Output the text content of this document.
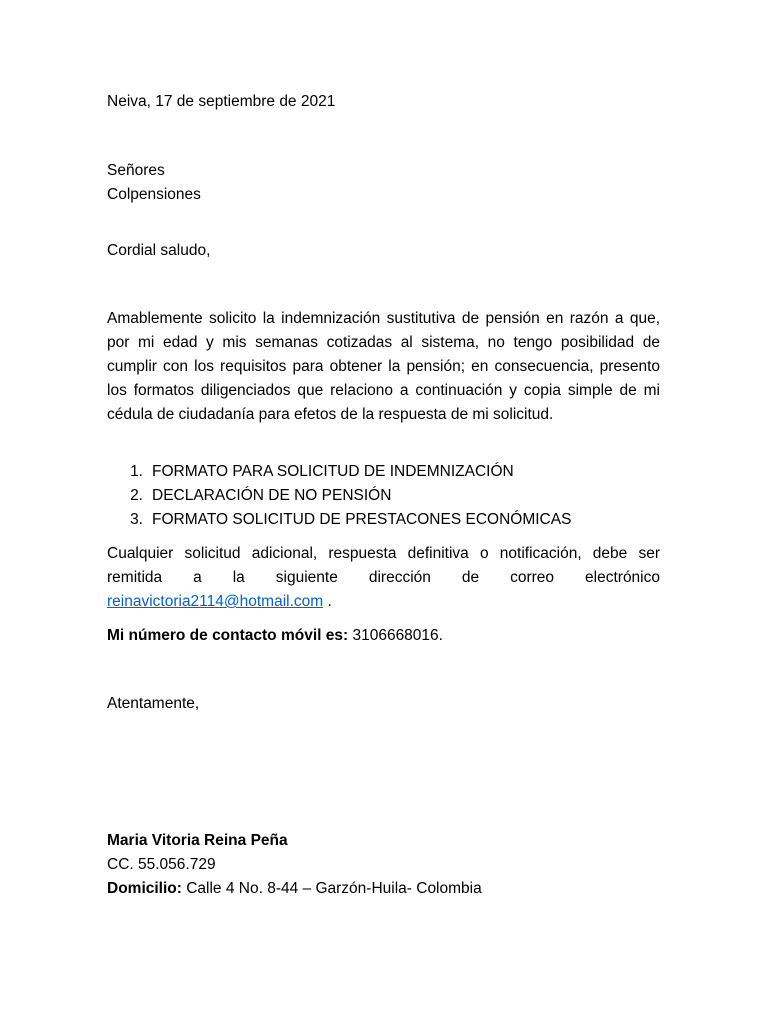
Neiva, 17 de septiembre de 2021

Señores
Colpensiones

Cordial saludo,

Amablemente solicito la indemnización sustitutiva de pensión en razón a que, por mi edad y mis semanas cotizadas al sistema, no tengo posibilidad de cumplir con los requisitos para obtener la pensión; en consecuencia, presento los formatos diligenciados que relaciono a continuación y copia simple de mi cédula de ciudadanía para efetos de la respuesta de mi solicitud.

1. FORMATO PARA SOLICITUD DE INDEMNIZACIÓN
2. DECLARACIÓN DE NO PENSIÓN
3. FORMATO SOLICITUD DE PRESTACONES ECONÓMICAS
Cualquier solicitud adicional, respuesta definitiva o notificación, debe ser
remitida a la siguiente dirección de correo electrónico
reinavictoria2114@hotmail.com .

Mi número de contacto móvil es: 3106668016.

Atentamente,

Maria Vitoria Reina Peña
CC. 55.056.729
Domicilio: Calle 4 No. 8-44 – Garzón-Huila- Colombia
